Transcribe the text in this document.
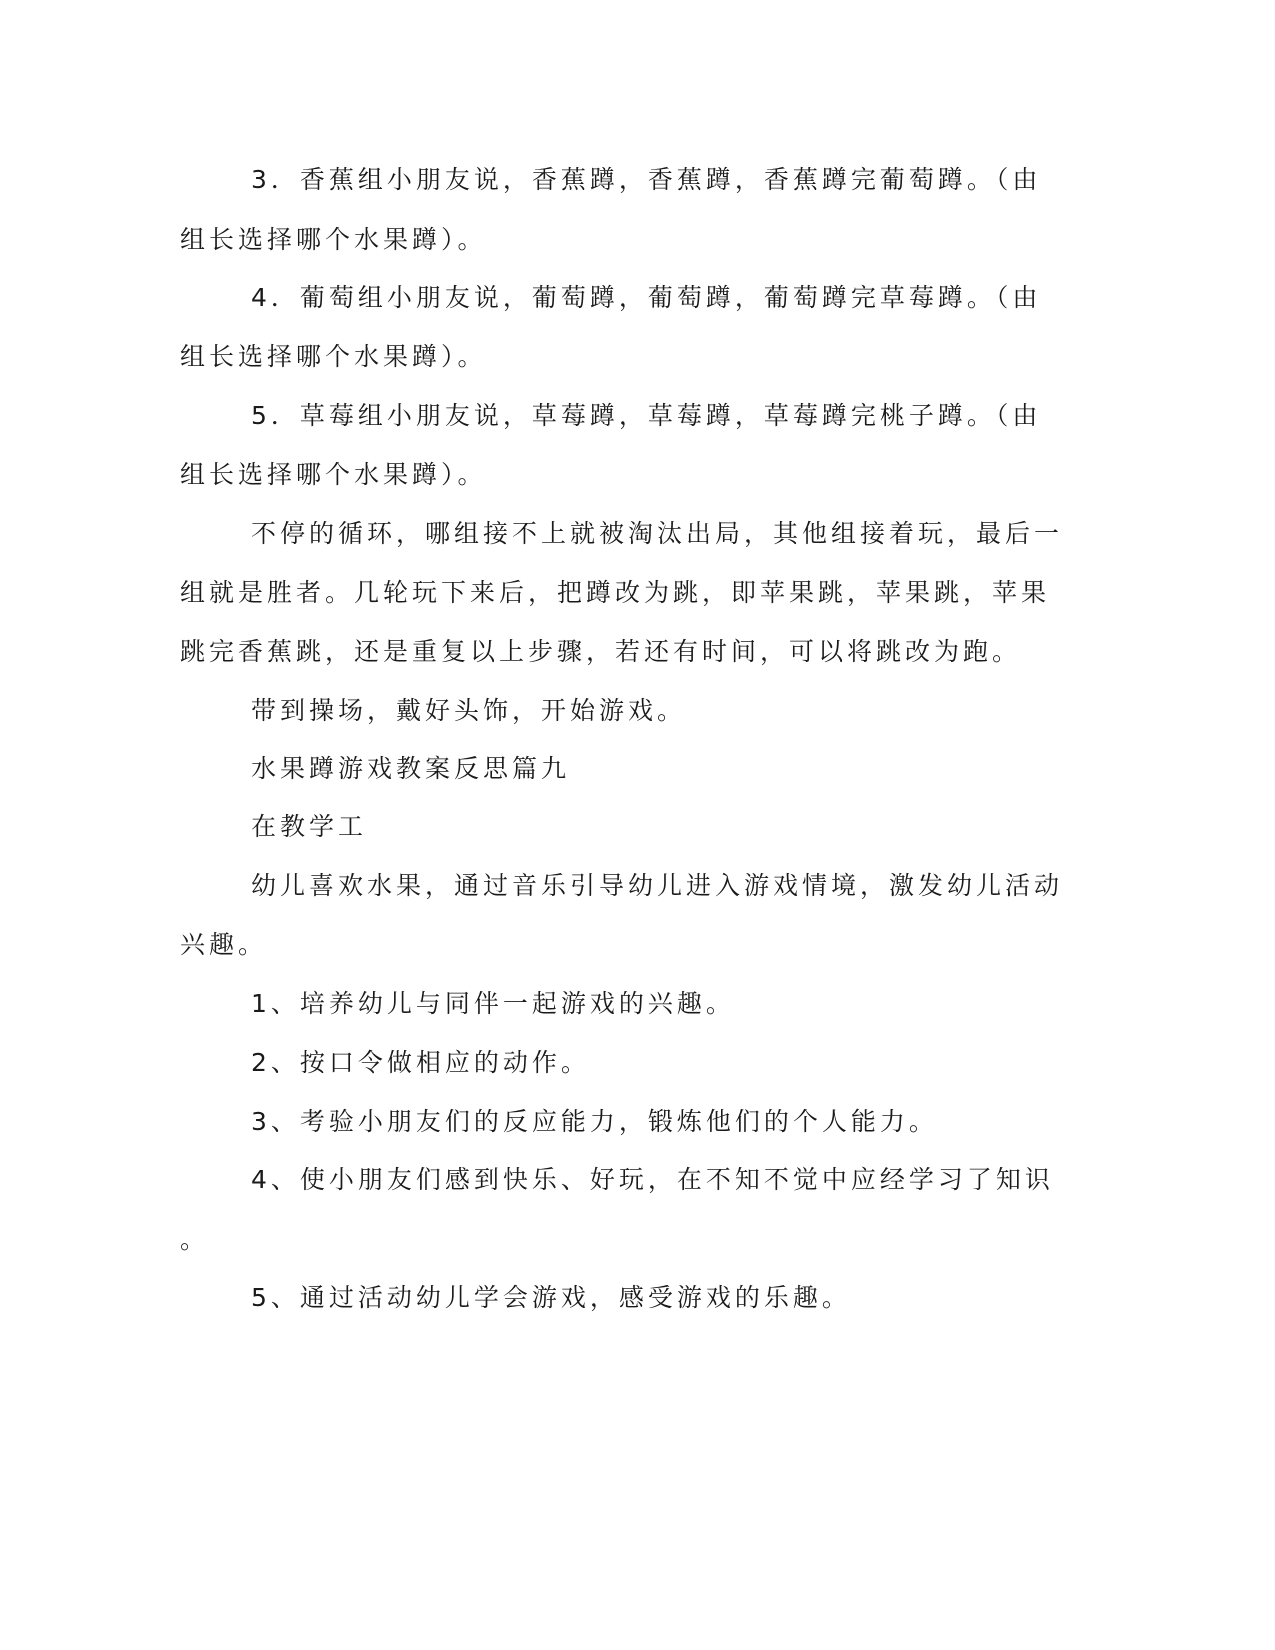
3．香蕉组小朋友说，香蕉蹲，香蕉蹲，香蕉蹲完葡萄蹲。（由
组长选择哪个水果蹲）。
4．葡萄组小朋友说，葡萄蹲，葡萄蹲，葡萄蹲完草莓蹲。（由
组长选择哪个水果蹲）。
5．草莓组小朋友说，草莓蹲，草莓蹲，草莓蹲完桃子蹲。（由
组长选择哪个水果蹲）。
不停的循环，哪组接不上就被淘汰出局，其他组接着玩，最后一
组就是胜者。几轮玩下来后，把蹲改为跳，即苹果跳，苹果跳，苹果
跳完香蕉跳，还是重复以上步骤，若还有时间，可以将跳改为跑。
带到操场，戴好头饰，开始游戏。
水果蹲游戏教案反思篇九
在教学工
幼儿喜欢水果，通过音乐引导幼儿进入游戏情境，激发幼儿活动
兴趣。
1、培养幼儿与同伴一起游戏的兴趣。
2、按口令做相应的动作。
3、考验小朋友们的反应能力，锻炼他们的个人能力。
4、使小朋友们感到快乐、好玩，在不知不觉中应经学习了知识
。
5、通过活动幼儿学会游戏，感受游戏的乐趣。
